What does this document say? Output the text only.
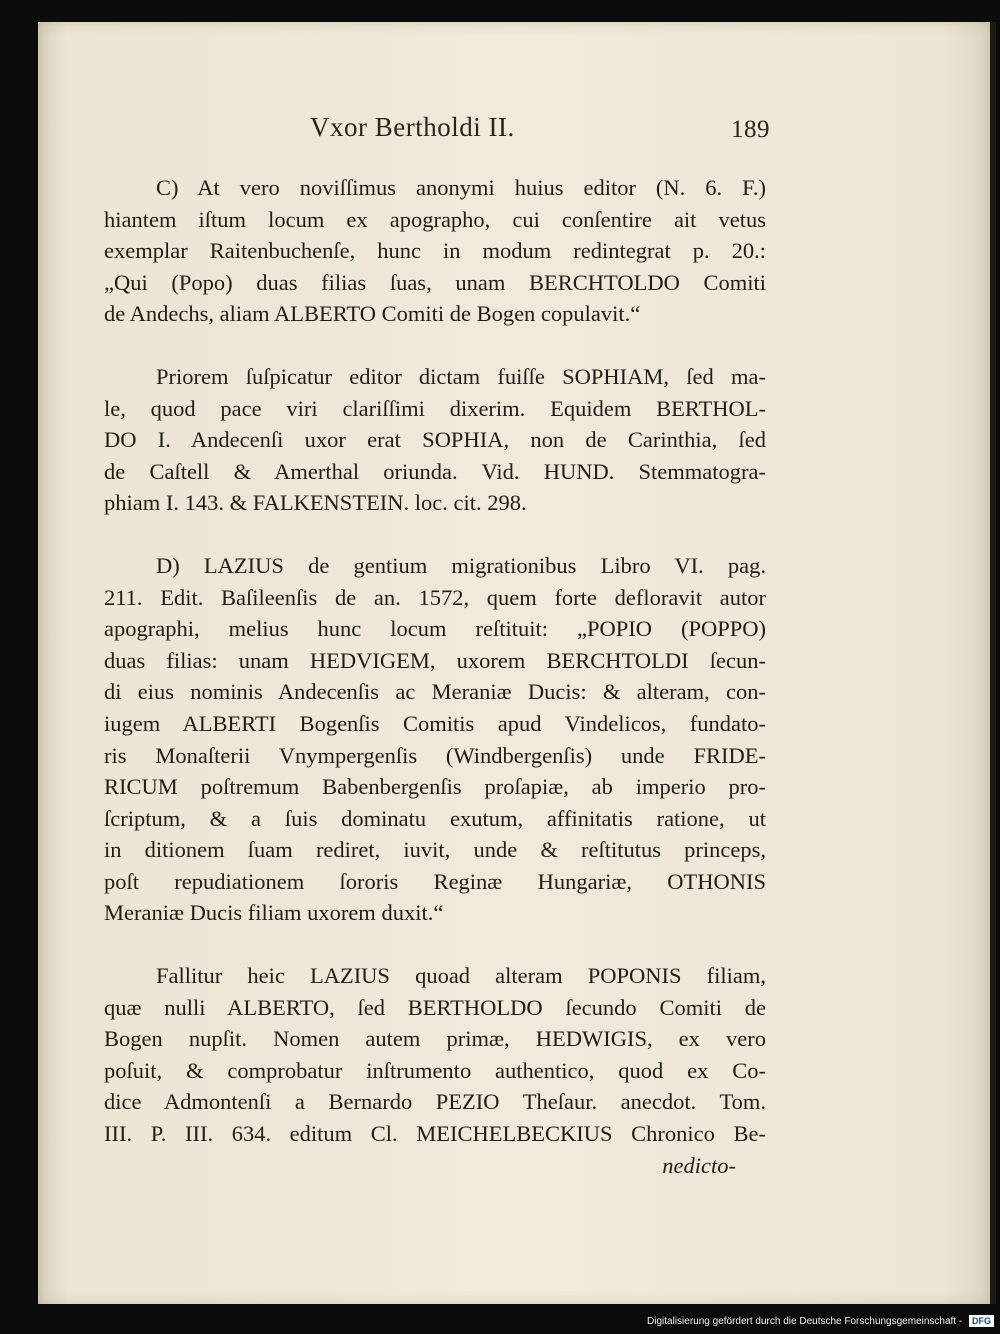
Vxor Bertholdi II.	189
C) At vero noviſſimus anonymi huius editor (N. 6. F.)
hiantem iſtum locum ex apographo, cui conſentire ait vetus
exemplar Raitenbuchenſe, hunc in modum redintegrat p. 20.:
„Qui (Popo) duas filias ſuas, unam BERCHTOLDO Comiti
de Andechs, aliam ALBERTO Comiti de Bogen copulavit.“
Priorem ſuſpicatur editor dictam fuiſſe SOPHIAM, ſed ma-
le, quod pace viri clariſſimi dixerim. Equidem BERTHOL-
DO I. Andecenſi uxor erat SOPHIA, non de Carinthia, ſed
de Caſtell & Amerthal oriunda. Vid. HUND. Stemmatogra-
phiam I. 143. & FALKENSTEIN. loc. cit. 298.
D) LAZIUS de gentium migrationibus Libro VI. pag.
211. Edit. Baſileenſis de an. 1572, quem forte defloravit autor
apographi, melius hunc locum reſtituit: „POPIO (POPPO)
duas filias: unam HEDVIGEM, uxorem BERCHTOLDI ſecun-
di eius nominis Andecenſis ac Meraniæ Ducis: & alteram, con-
iugem ALBERTI Bogenſis Comitis apud Vindelicos, fundato-
ris Monaſterii Vnympergenſis (Windbergenſis) unde FRIDE-
RICUM poſtremum Babenbergenſis proſapiæ, ab imperio pro-
ſcriptum, & a ſuis dominatu exutum, affinitatis ratione, ut
in ditionem ſuam rediret, iuvit, unde & reſtitutus princeps,
poſt repudiationem ſororis Reginæ Hungariæ, OTHONIS
Meraniæ Ducis filiam uxorem duxit.“
Fallitur heic LAZIUS quoad alteram POPONIS filiam,
quæ nulli ALBERTO, ſed BERTHOLDO ſecundo Comiti de
Bogen nupſit. Nomen autem primæ, HEDWIGIS, ex vero
poſuit, & comprobatur inſtrumento authentico, quod ex Co-
dice Admontenſi a Bernardo PEZIO Theſaur. anecdot. Tom.
III. P. III. 634. editum Cl. MEICHELBECKIUS Chronico Be-
nedicto-
Digitalisierung gefördert durch die Deutsche Forschungsgemeinschaft - DFG
